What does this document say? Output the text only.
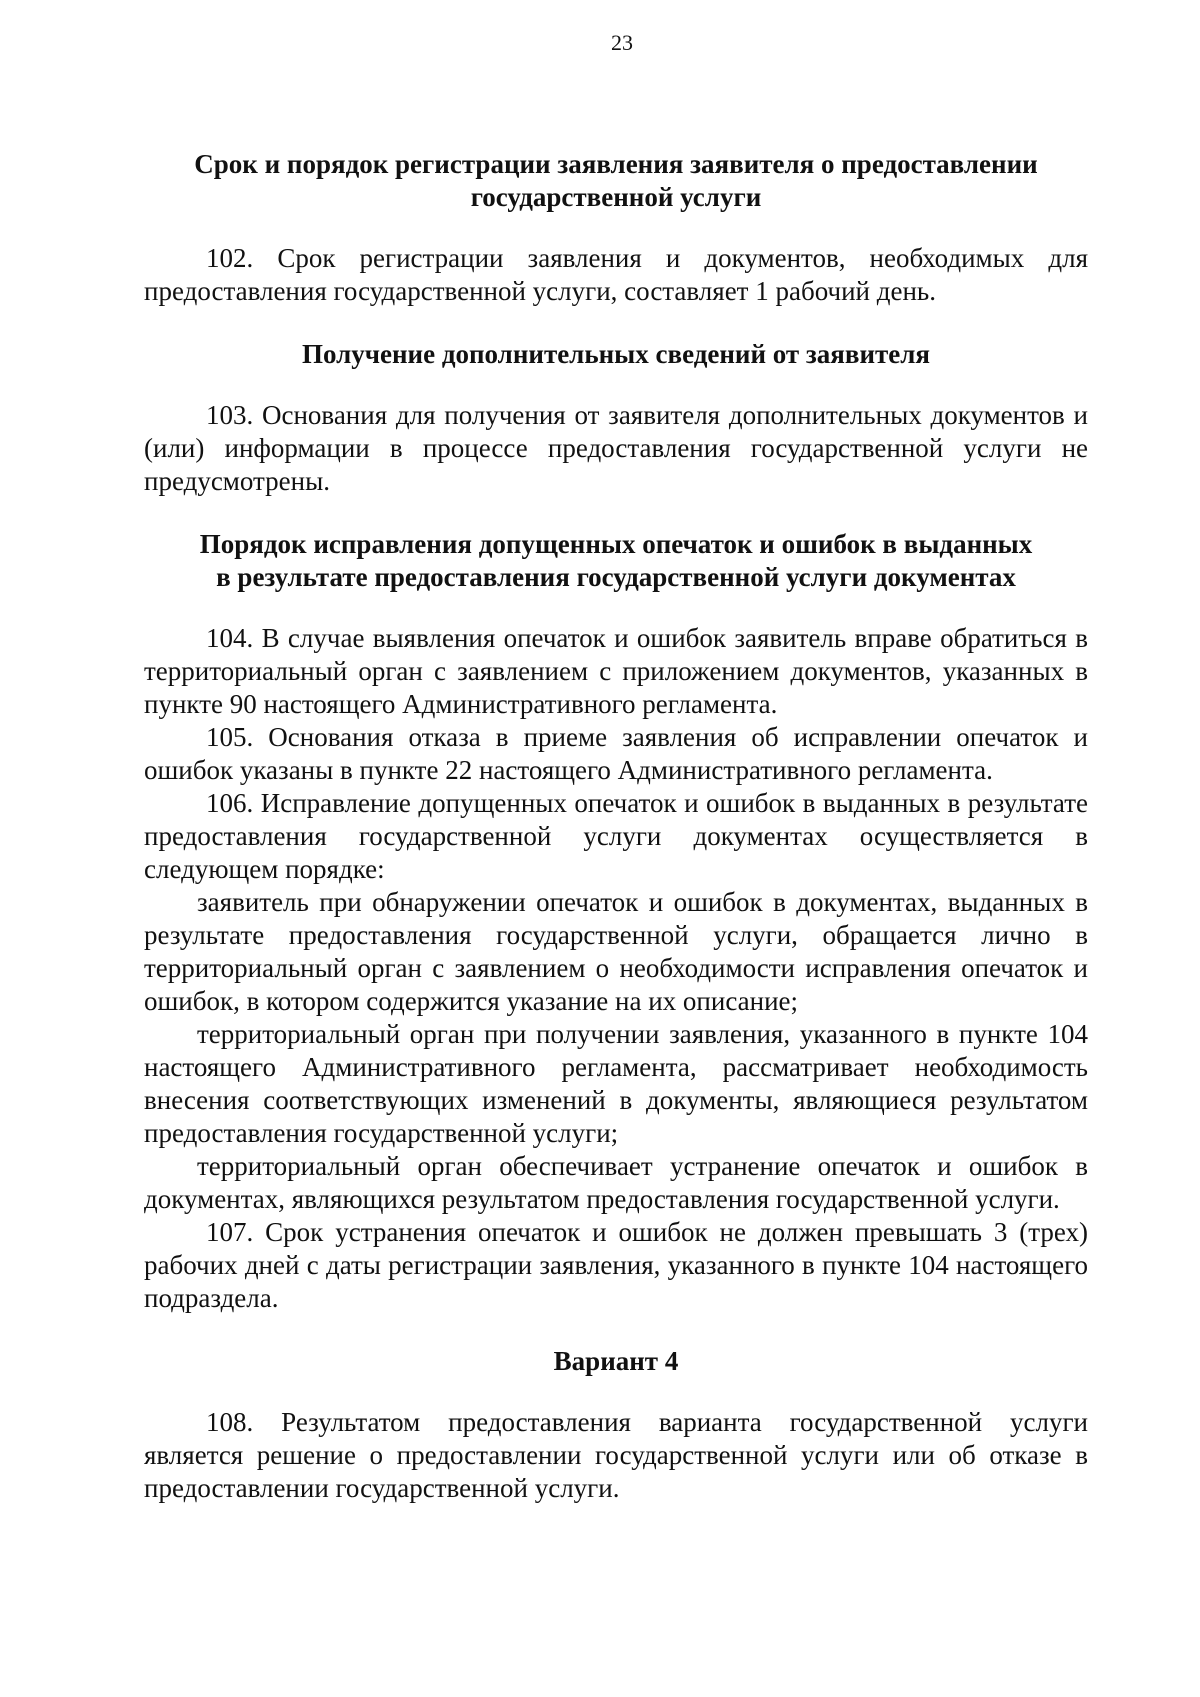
23

Срок и порядок регистрации заявления заявителя о предоставлении

государственной услуги

102. Срок регистрации заявления и документов, необходимых для предоставления государственной услуги, составляет 1 рабочий день.

Получение дополнительных сведений от заявителя

103. Основания для получения от заявителя дополнительных документов и (или) информации в процессе предоставления государственной услуги не предусмотрены.

Порядок исправления допущенных опечаток и ошибок в выданных

в результате предоставления государственной услуги документах

104. В случае выявления опечаток и ошибок заявитель вправе обратиться в территориальный орган с заявлением с приложением документов, указанных в пункте 90 настоящего Административного регламента.

105. Основания отказа в приеме заявления об исправлении опечаток и ошибок указаны в пункте 22 настоящего Административного регламента.

106. Исправление допущенных опечаток и ошибок в выданных в результате предоставления государственной услуги документах осуществляется в следующем порядке:

заявитель при обнаружении опечаток и ошибок в документах, выданных в результате предоставления государственной услуги, обращается лично в территориальный орган с заявлением о необходимости исправления опечаток и ошибок, в котором содержится указание на их описание;

территориальный орган при получении заявления, указанного в пункте 104 настоящего Административного регламента, рассматривает необходимость внесения соответствующих изменений в документы, являющиеся результатом предоставления государственной услуги;

территориальный орган обеспечивает устранение опечаток и ошибок в документах, являющихся результатом предоставления государственной услуги.

107. Срок устранения опечаток и ошибок не должен превышать 3 (трех) рабочих дней с даты регистрации заявления, указанного в пункте 104 настоящего подраздела.

Вариант 4

108. Результатом предоставления варианта государственной услуги является решение о предоставлении государственной услуги или об отказе в предоставлении государственной услуги.
